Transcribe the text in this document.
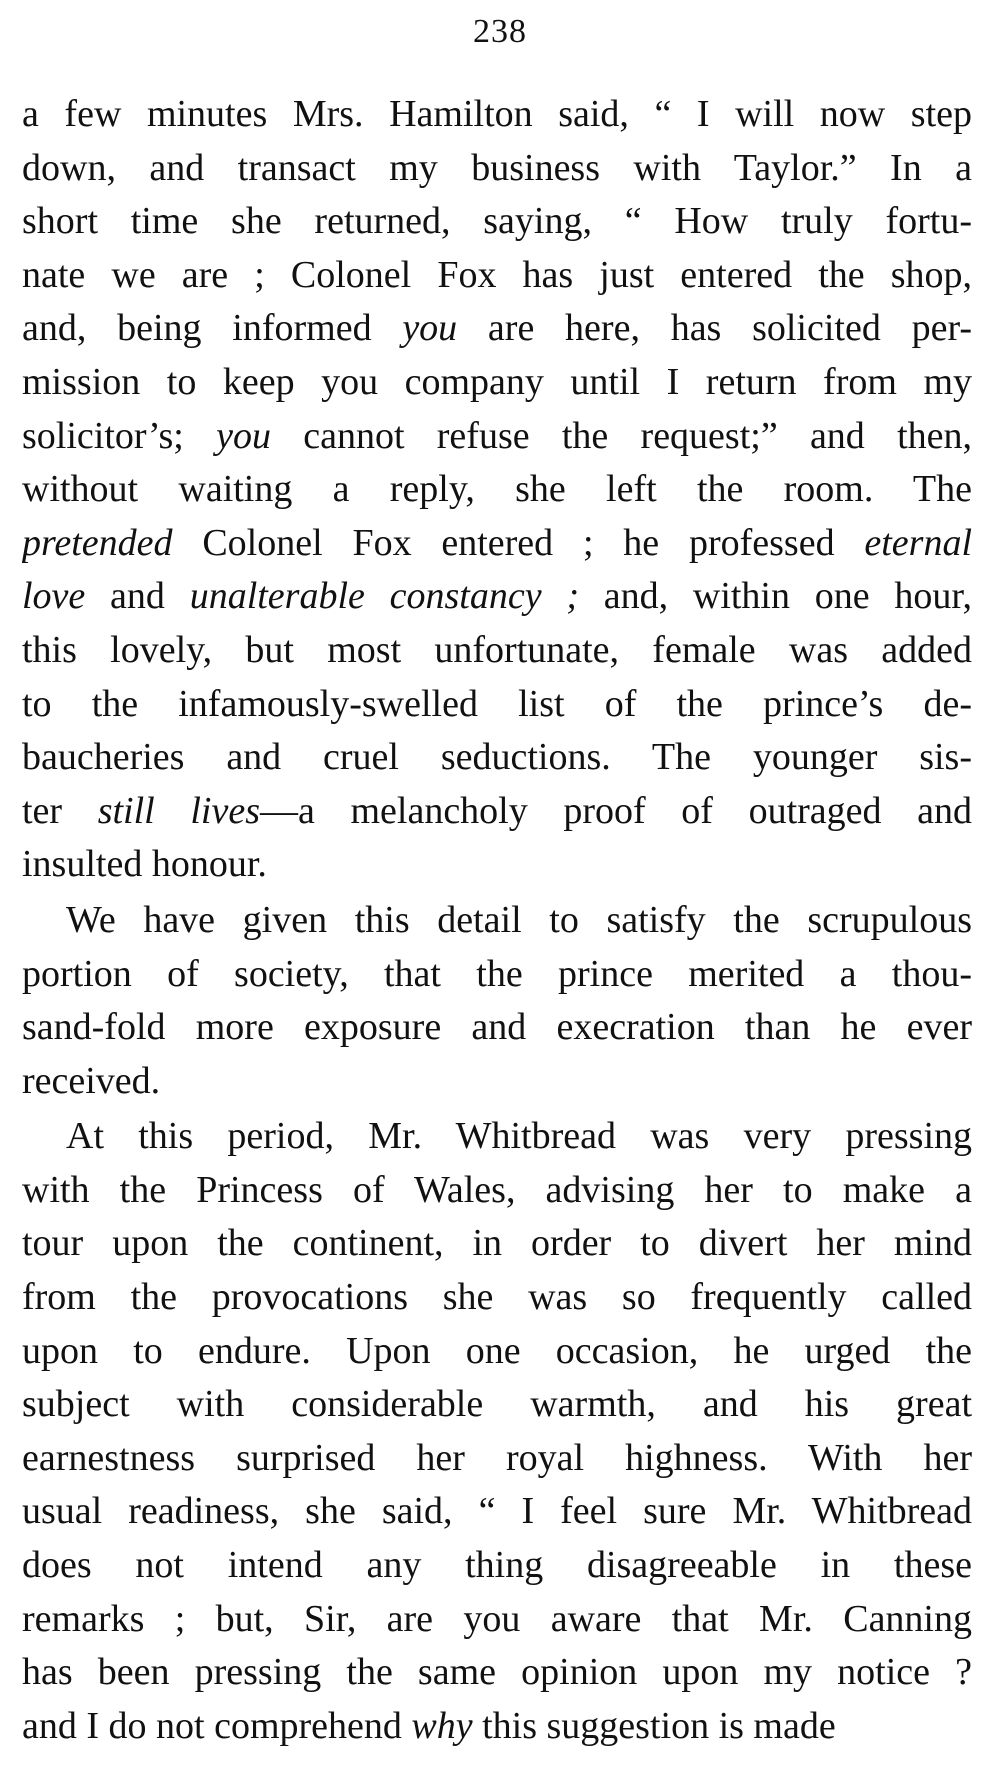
238
a few minutes Mrs. Hamilton said, “ I will now step
down, and transact my business with Taylor.” In a
short time she returned, saying, “ How truly fortu-
nate we are ; Colonel Fox has just entered the shop,
and, being informed you are here, has solicited per-
mission to keep you company until I return from my
solicitor’s; you cannot refuse the request;” and then,
without waiting a reply, she left the room. The
pretended Colonel Fox entered ; he professed eternal
love and unalterable constancy ; and, within one hour,
this lovely, but most unfortunate, female was added
to the infamously-swelled list of the prince’s de-
baucheries and cruel seductions. The younger sis-
ter still lives—a melancholy proof of outraged and
insulted honour.
We have given this detail to satisfy the scrupulous
portion of society, that the prince merited a thou-
sand-fold more exposure and execration than he ever
received.
At this period, Mr. Whitbread was very pressing
with the Princess of Wales, advising her to make a
tour upon the continent, in order to divert her mind
from the provocations she was so frequently called
upon to endure. Upon one occasion, he urged the
subject with considerable warmth, and his great
earnestness surprised her royal highness. With her
usual readiness, she said, “ I feel sure Mr. Whitbread
does not intend any thing disagreeable in these
remarks ; but, Sir, are you aware that Mr. Canning
has been pressing the same opinion upon my notice ?
and I do not comprehend why this suggestion is made
